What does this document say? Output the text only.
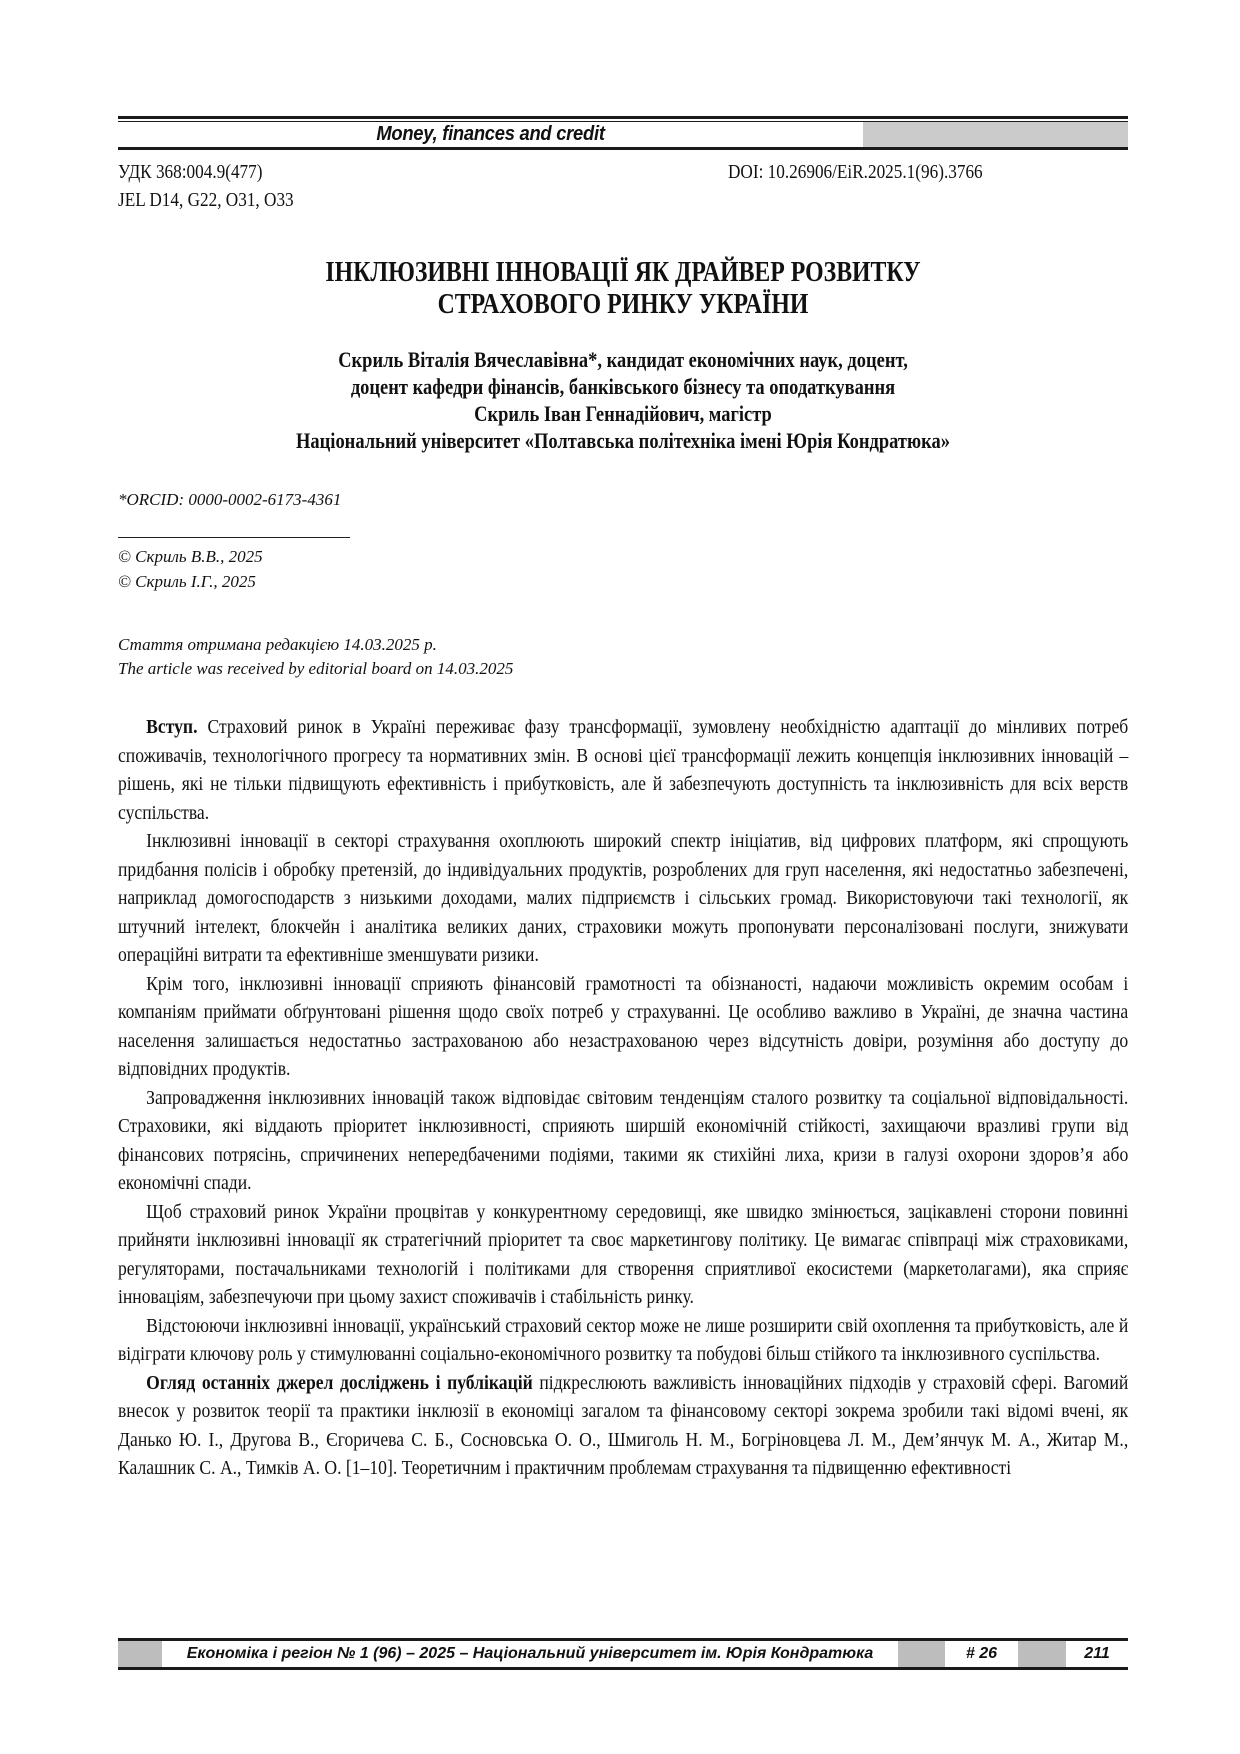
Money, finances and credit
УДК 368:004.9(477)
JEL D14, G22, O31, O33
DOI: 10.26906/EiR.2025.1(96).3766
ІНКЛЮЗИВНІ ІННОВАЦІЇ ЯК ДРАЙВЕР РОЗВИТКУ
СТРАХОВОГО РИНКУ УКРАЇНИ
Скриль Віталія Вячеславівна*, кандидат економічних наук, доцент,
доцент кафедри фінансів, банківського бізнесу та оподаткування
Скриль Іван Геннадійович, магістр
Національний університет «Полтавська політехніка імені Юрія Кондратюка»
*ORCID: 0000-0002-6173-4361
© Скриль В.В., 2025
© Скриль І.Г., 2025
Стаття отримана редакцією 14.03.2025 р.
The article was received by editorial board on 14.03.2025

Вступ. Страховий ринок в Україні переживає фазу трансформації, зумовлену необхідністю адаптації до мінливих потреб споживачів, технологічного прогресу та нормативних змін. В основі цієї трансформації лежить концепція інклюзивних інновацій – рішень, які не тільки підвищують ефективність і прибутковість, але й забезпечують доступність та інклюзивність для всіх верств суспільства.

Інклюзивні інновації в секторі страхування охоплюють широкий спектр ініціатив, від цифрових платформ, які спрощують придбання полісів і обробку претензій, до індивідуальних продуктів, розроблених для груп населення, які недостатньо забезпечені, наприклад домогосподарств з низькими доходами, малих підприємств і сільських громад. Використовуючи такі технології, як штучний інтелект, блокчейн і аналітика великих даних, страховики можуть пропонувати персоналізовані послуги, знижувати операційні витрати та ефективніше зменшувати ризики.

Крім того, інклюзивні інновації сприяють фінансовій грамотності та обізнаності, надаючи можливість окремим особам і компаніям приймати обґрунтовані рішення щодо своїх потреб у страхуванні. Це особливо важливо в Україні, де значна частина населення залишається недостатньо застрахованою або незастрахованою через відсутність довіри, розуміння або доступу до відповідних продуктів.

Запровадження інклюзивних інновацій також відповідає світовим тенденціям сталого розвитку та соціальної відповідальності. Страховики, які віддають пріоритет інклюзивності, сприяють ширшій економічній стійкості, захищаючи вразливі групи від фінансових потрясінь, спричинених непередбаченими подіями, такими як стихійні лиха, кризи в галузі охорони здоров’я або економічні спади.

Щоб страховий ринок України процвітав у конкурентному середовищі, яке швидко змінюється, зацікавлені сторони повинні прийняти інклюзивні інновації як стратегічний пріоритет та своє маркетингову політику. Це вимагає співпраці між страховиками, регуляторами, постачальниками технологій і політиками для створення сприятливої екосистеми (маркетолагами), яка сприяє інноваціям, забезпечуючи при цьому захист споживачів і стабільність ринку.

Відстоюючи інклюзивні інновації, український страховий сектор може не лише розширити свій охоплення та прибутковість, але й відіграти ключову роль у стимулюванні соціально-економічного розвитку та побудові більш стійкого та інклюзивного суспільства.

Огляд останніх джерел досліджень і публікацій підкреслюють важливість інноваційних підходів у страховій сфері. Вагомий внесок у розвиток теорії та практики інклюзії в економіці загалом та фінансовому секторі зокрема зробили такі відомі вчені, як Данько Ю. І., Другова В., Єгоричева С. Б., Сосновська О. О., Шмиголь Н. М., Богріновцева Л. М., Дем’янчук М. А., Житар М., Калашник С. А., Тимків А. О. [1–10]. Теоретичним і практичним проблемам страхування та підвищенню ефективності

Економіка і регіон № 1 (96) – 2025 – Національний університет ім. Юрія Кондратюка	# 26	211
